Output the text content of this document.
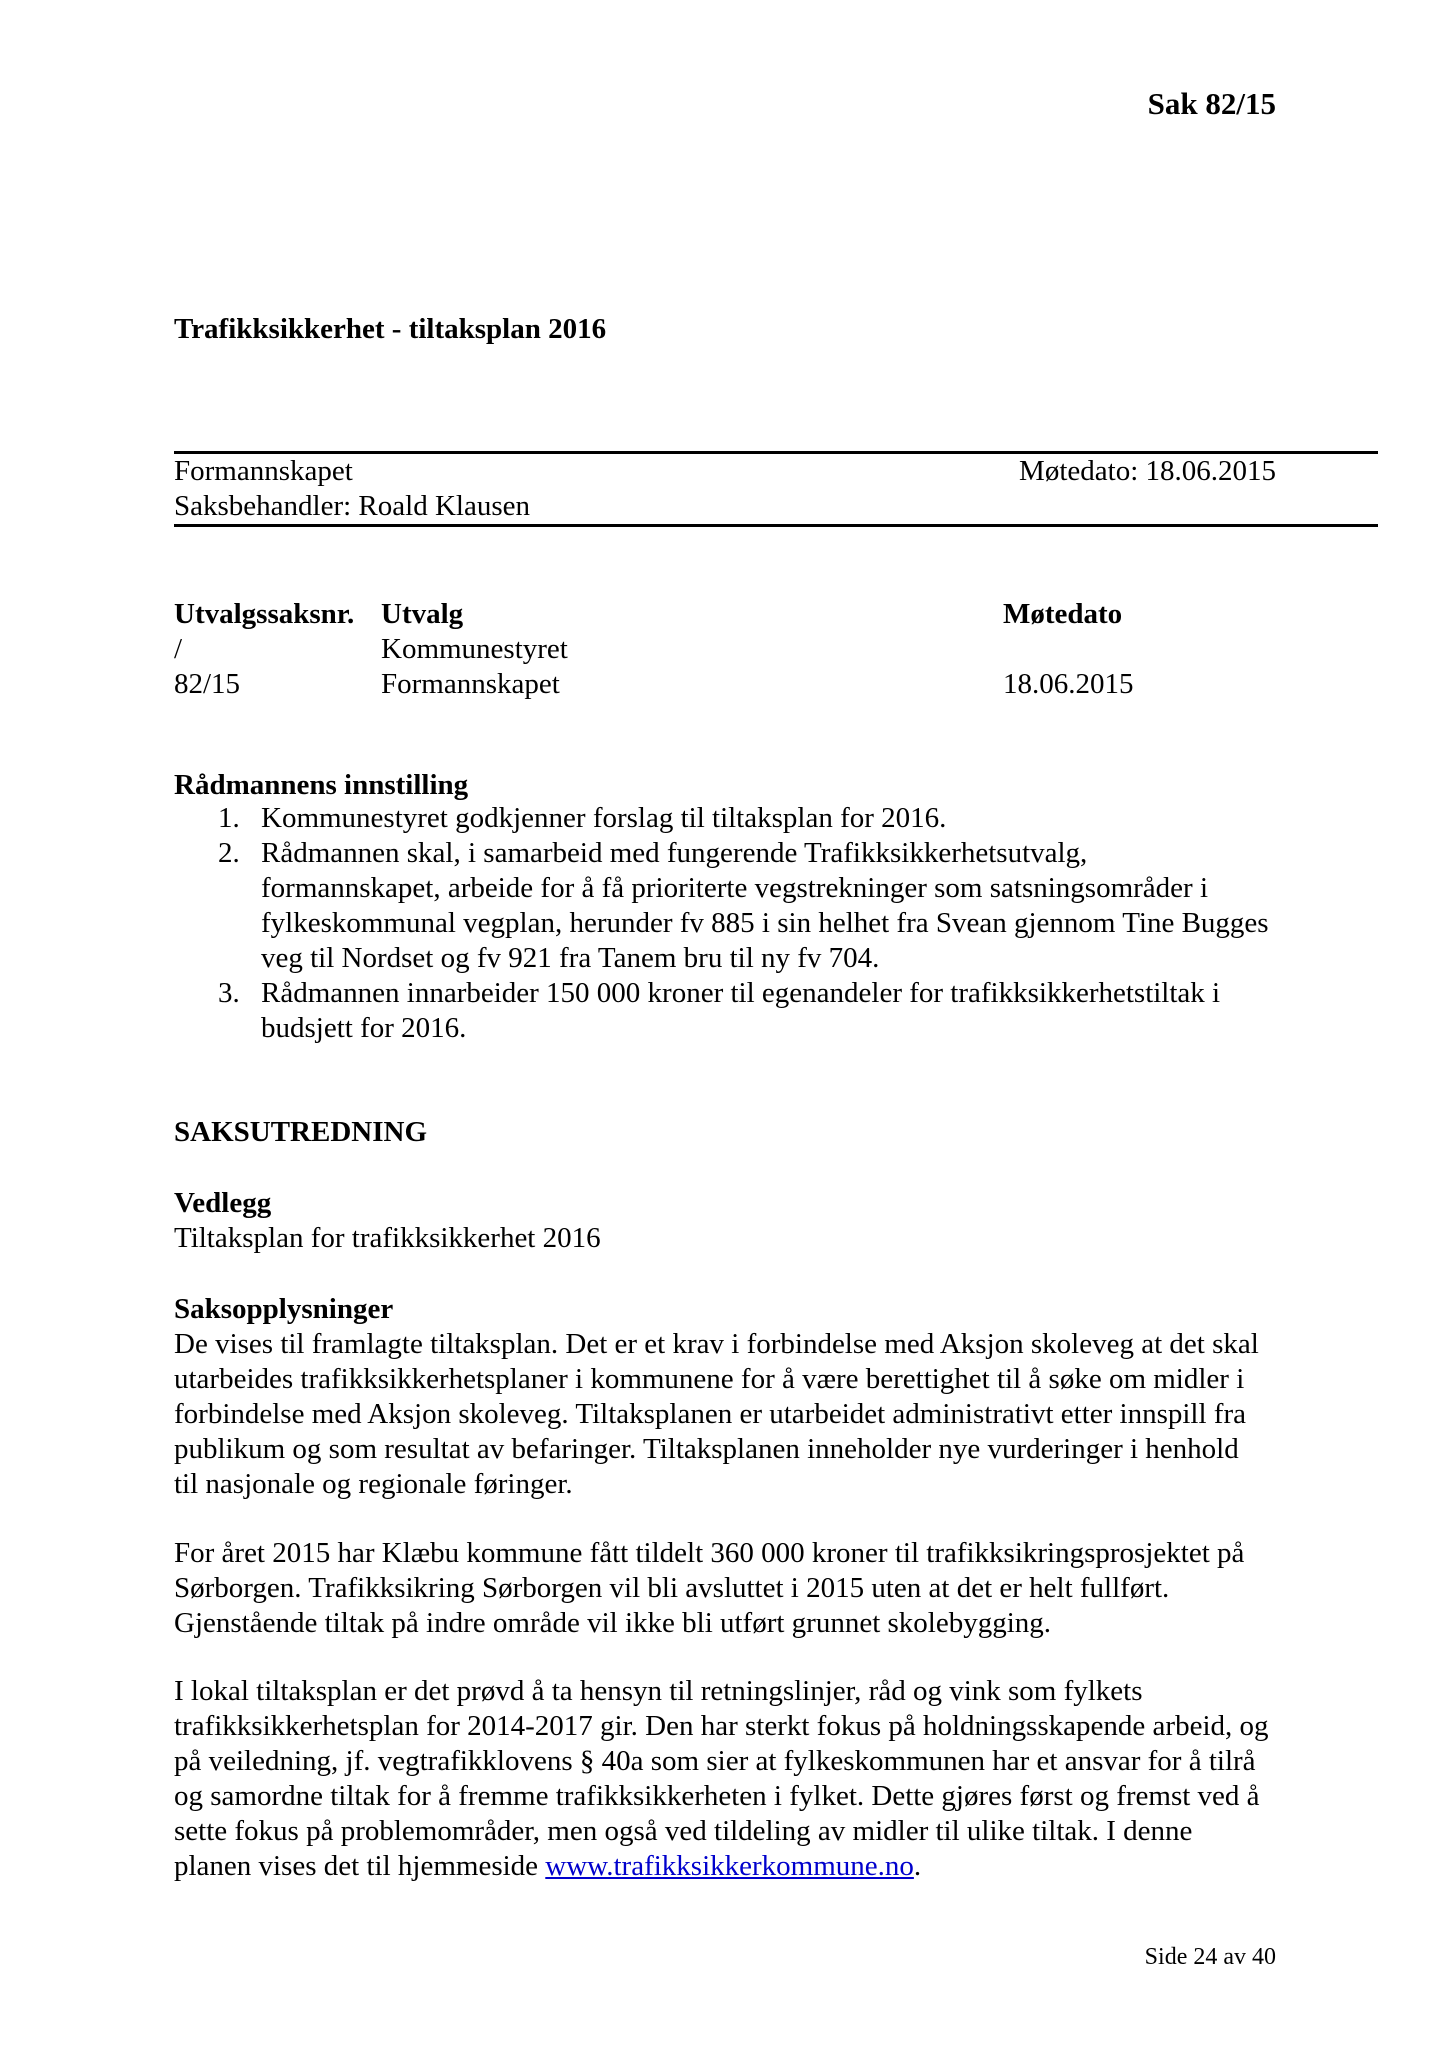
Sak 82/15
Trafikksikkerhet - tiltaksplan 2016
Formannskapet	Møtedato: 18.06.2015
Saksbehandler: Roald Klausen
Utvalgssaksnr. Utvalg	Møtedato
/	Kommunestyret
82/15	Formannskapet	18.06.2015
Rådmannens innstilling
1. Kommunestyret godkjenner forslag til tiltaksplan for 2016.
2. Rådmannen skal, i samarbeid med fungerende Trafikksikkerhetsutvalg,
formannskapet, arbeide for å få prioriterte vegstrekninger som satsningsområder i
fylkeskommunal vegplan, herunder fv 885 i sin helhet fra Svean gjennom Tine Bugges
veg til Nordset og fv 921 fra Tanem bru til ny fv 704.
3. Rådmannen innarbeider 150 000 kroner til egenandeler for trafikksikkerhetstiltak i
budsjett for 2016.
SAKSUTREDNING
Vedlegg
Tiltaksplan for trafikksikkerhet 2016
Saksopplysninger
De vises til framlagte tiltaksplan. Det er et krav i forbindelse med Aksjon skoleveg at det skal
utarbeides trafikksikkerhetsplaner i kommunene for å være berettighet til å søke om midler i
forbindelse med Aksjon skoleveg. Tiltaksplanen er utarbeidet administrativt etter innspill fra
publikum og som resultat av befaringer. Tiltaksplanen inneholder nye vurderinger i henhold
til nasjonale og regionale føringer.
For året 2015 har Klæbu kommune fått tildelt 360 000 kroner til trafikksikringsprosjektet på
Sørborgen. Trafikksikring Sørborgen vil bli avsluttet i 2015 uten at det er helt fullført.
Gjenstående tiltak på indre område vil ikke bli utført grunnet skolebygging.
I lokal tiltaksplan er det prøvd å ta hensyn til retningslinjer, råd og vink som fylkets
trafikksikkerhetsplan for 2014-2017 gir. Den har sterkt fokus på holdningsskapende arbeid, og
på veiledning, jf. vegtrafikklovens § 40a som sier at fylkeskommunen har et ansvar for å tilrå
og samordne tiltak for å fremme trafikksikkerheten i fylket. Dette gjøres først og fremst ved å
sette fokus på problemområder, men også ved tildeling av midler til ulike tiltak. I denne
planen vises det til hjemmeside www.trafikksikkerkommune.no.
Side 24 av 40
